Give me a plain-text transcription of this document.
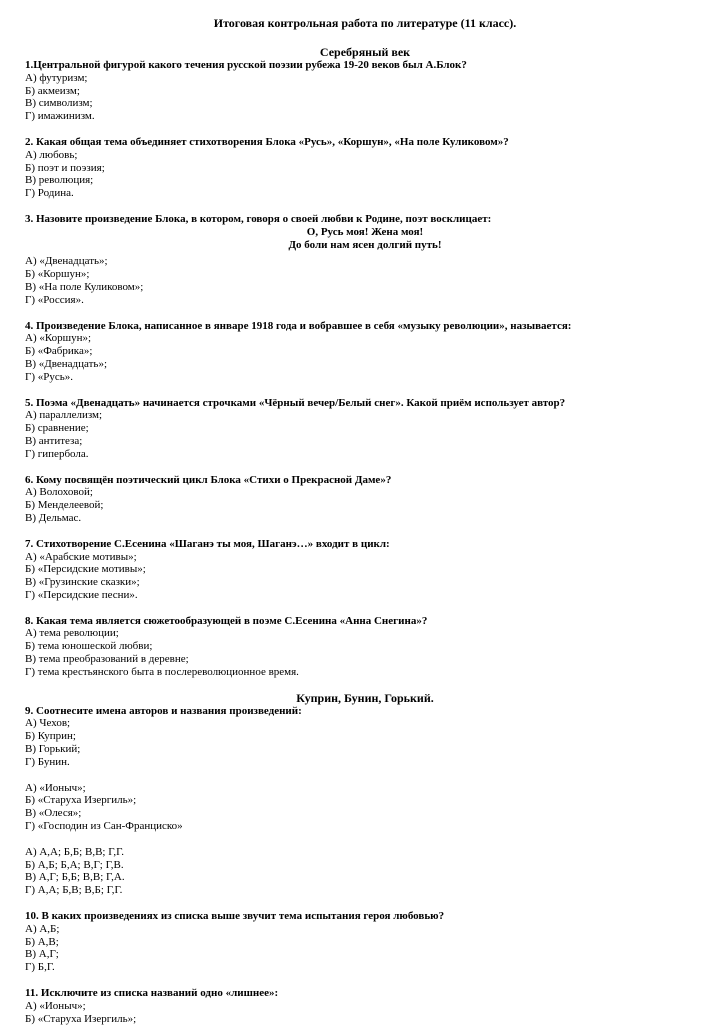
Итоговая контрольная работа по литературе (11 класс).

Серебряный век

1.Центральной фигурой какого течения русской поэзии рубежа 19-20 веков был А.Блок?

А) футуризм;

Б) акмеизм;

В) символизм;

Г) имажинизм.

2. Какая общая тема объединяет стихотворения Блока «Русь», «Коршун», «На поле Куликовом»?

А) любовь;

Б) поэт и поэзия;

В) революция;

Г) Родина.

3. Назовите произведение Блока, в котором, говоря о своей любви к Родине, поэт восклицает:

О, Русь моя! Жена моя!

До боли нам ясен долгий путь!

А) «Двенадцать»;

Б) «Коршун»;

В) «На поле Куликовом»;

Г) «Россия».

4. Произведение Блока, написанное в январе 1918 года и вобравшее в себя «музыку революции», называется:

А) «Коршун»;

Б) «Фабрика»;

В) «Двенадцать»;

Г) «Русь».

5. Поэма «Двенадцать» начинается строчками «Чёрный вечер/Белый снег». Какой приём использует автор?

А) параллелизм;

Б) сравнение;

В) антитеза;

Г) гипербола.

6. Кому посвящён поэтический цикл Блока «Стихи о Прекрасной Даме»?

А) Волоховой;

Б) Менделеевой;

В) Дельмас.

7. Стихотворение С.Есенина «Шаганэ ты моя, Шаганэ…» входит в цикл:

А) «Арабские мотивы»;

Б) «Персидские мотивы»;

В) «Грузинские сказки»;

Г) «Персидские песни».

8. Какая тема является сюжетообразующей в поэме С.Есенина «Анна Снегина»?

А) тема революции;

Б) тема юношеской любви;

В) тема преобразований в деревне;

Г) тема крестьянского быта в послереволюционное время.

Куприн, Бунин, Горький.

9. Соотнесите имена авторов и названия произведений:

А) Чехов;

Б) Куприн;

В) Горький;

Г) Бунин.

А) «Ионыч»;

Б) «Старуха Изергиль»;

В) «Олеся»;

Г) «Господин из Сан-Франциско»

А) А,А; Б,Б; В,В; Г,Г.

Б) А,Б; Б,А; В,Г; Г,В.

В) А,Г; Б,Б; В,В; Г,А.

Г) А,А; Б,В; В,Б; Г,Г.

10. В каких произведениях из списка выше звучит тема испытания героя любовью?

А) А,Б;

Б) А,В;

В) А,Г;

Г) Б,Г.

11. Исключите из списка названий одно «лишнее»:

А) «Ионыч»;

Б) «Старуха Изергиль»;
